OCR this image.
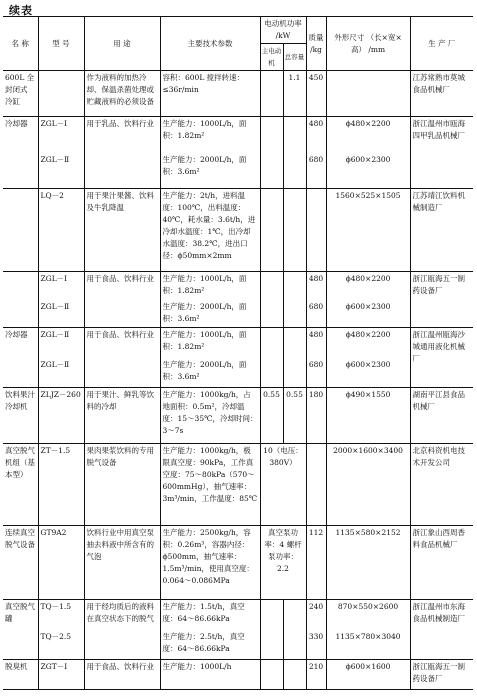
续表
名 称	型 号	用 途	主要技术参数	电动机功率 /kW		质量 /kg	外形尺寸 （长×宽×高） /mm	生 产 厂
				主电动机	总容量			
600L 全封闭式 冷缸		作为液料的加热冷却、保温杀菌处理或贮藏液料的必须设备	容积：600L 搅拌转速：≤36r/min		1.1	450		江苏常熟市莫城食品机械厂
冷却器	ZGL－Ⅰ	用于乳品、饮料行业	生产能力：1000L/h，面积：1.82m²			480	ϕ480×2200	浙江温州市瓯海四甲乳品机械厂
	ZGL－Ⅱ		生产能力：2000L/h，面积：3.6m²			680	ϕ600×2300	
	LQ－2	用于果汁果酱、饮料及牛乳降温	生产能力：2t/h，进料温度：100℃，出料温度：40℃，耗水量：3.6t/h，进冷却水温度：1℃，出冷却水温度：38.2℃，进出口径：ϕ50mm×2mm				1560×525×1505	江苏靖江饮料机械制造厂
	ZGL－Ⅰ	用于食品、饮料行业	生产能力：1000L/h，面积：1.82m²			480	ϕ480×2200	浙江瓯海五一制药设备厂
	ZGL－Ⅱ		生产能力：2000L/h，面积：3.6m²			680	ϕ600×2300	
冷却器	ZGL－Ⅱ	用于食品、饮料行业	生产能力：1000L/h，面积：1.82m²			480	ϕ480×2200	浙江温州瓯海沙城通用液化机械厂
	ZGL－Ⅱ		生产能力：2000L/h，面积：3.6m²			680	ϕ600×2300	
饮料果汁冷却机	ZLJZ－260	用于果汁、鲜乳等饮料的冷却	生产能力：1000kg/h，占地面积：0.5m²，冷却温度：15～35℃，冷却时间：3～7s	0.55	0.55	180	ϕ490×1550	湖南平江县食品机械厂
真空脱气机组（基本型）	ZT－1.5	果肉果浆饮料的专用脱气设备	生产能力：1000kg/h，极限真空度：90kPa，工作真空度：75～80kPa（570～600mmHg），抽气速率：3m³/min，工作温度：85℃	10（电压：380V）			2000×1600×3400	北京科资机电技术开发公司
连续真空脱气设备	GT9A2	饮料行业中用真空泵抽去料液中所含有的气泡	生产能力：2500kg/h，容积：0.26m³，容器内径：ϕ500mm，抽气速率：1.5m³/min，使用真空度：0.064～0.086MPa	真空泵功率：4 螺杆泵功率：2.2		112	1135×580×2152	浙江象山西周香料食品机械厂
真空脱气罐	TQ－1.5	用于经均质后的液料在真空状态下的脱气	生产能力：1.5t/h，真空度：64～86.66kPa			240	870×550×2600	浙江温州市东海食品机械制造厂
	TQ－2.5		生产能力：2.5t/h，真空度：64～86.66kPa			330	1135×780×3040	
脱臭机	ZGT－Ⅰ	用于食品、饮料行业	生产能力：1000L/h			210	ϕ600×1600	浙江瓯海五一制药设备厂
